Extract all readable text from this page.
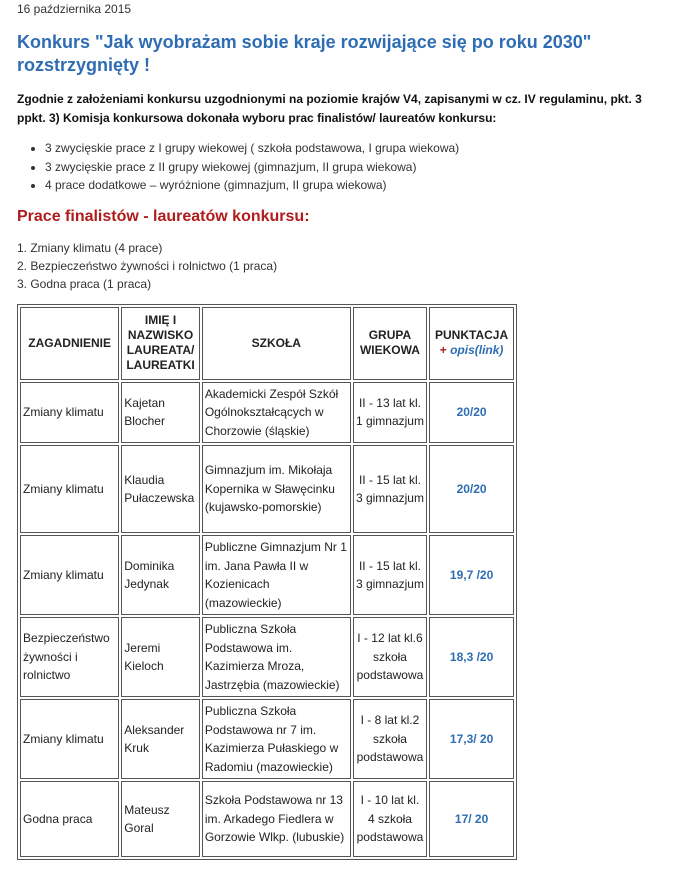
16 października 2015

Konkurs "Jak wyobrażam sobie kraje rozwijające się po roku 2030" rozstrzygnięty !

Zgodnie z założeniami konkursu uzgodnionymi na poziomie krajów V4, zapisanymi w cz. IV regulaminu, pkt. 3 ppkt. 3) Komisja konkursowa dokonała wyboru prac finalistów/ laureatów konkursu:

• 3 zwycięskie prace z I grupy wiekowej ( szkoła podstawowa, I grupa wiekowa)
• 3 zwycięskie prace z II grupy wiekowej (gimnazjum, II grupa wiekowa)
• 4 prace dodatkowe – wyróżnione (gimnazjum, II grupa wiekowa)
Prace finalistów - laureatów konkursu:
1. Zmiany klimatu (4 prace)
2. Bezpieczeństwo żywności i rolnictwo (1 praca)
3. Godna praca (1 praca)
ZAGADNIENIE	IMIĘ I NAZWISKO LAUREATA/ LAUREATKI	SZKOŁA	GRUPA WIEKOWA	PUNKTACJA
+ opis(link)
Zmiany klimatu	Kajetan Blocher	Akademicki Zespół Szkół Ogólnokształcących w Chorzowie (śląskie)	II - 13 lat kl. 1 gimnazjum	20/20
Zmiany klimatu	Klaudia Pułaczewska	Gimnazjum im. Mikołaja Kopernika w Sławęcinku (kujawsko-pomorskie)	II - 15 lat kl. 3 gimnazjum	20/20
Zmiany klimatu	Dominika Jedynak	Publiczne Gimnazjum Nr 1 im. Jana Pawła II w Kozienicach (mazowieckie)	II - 15 lat kl. 3 gimnazjum	19,7 /20
Bezpieczeństwo żywności i rolnictwo	Jeremi Kieloch	Publiczna Szkoła Podstawowa im. Kazimierza Mroza, Jastrzębia (mazowieckie)	I - 12 lat kl.6 szkoła podstawowa	18,3 /20
Zmiany klimatu	Aleksander Kruk	Publiczna Szkoła Podstawowa nr 7 im. Kazimierza Pułaskiego w Radomiu (mazowieckie)	I - 8 lat kl.2 szkoła podstawowa	17,3/ 20
Godna praca	Mateusz Goral	Szkoła Podstawowa nr 13 im. Arkadego Fiedlera w Gorzowie Wlkp. (lubuskie)	I - 10 lat kl. 4 szkoła podstawowa	17/ 20
